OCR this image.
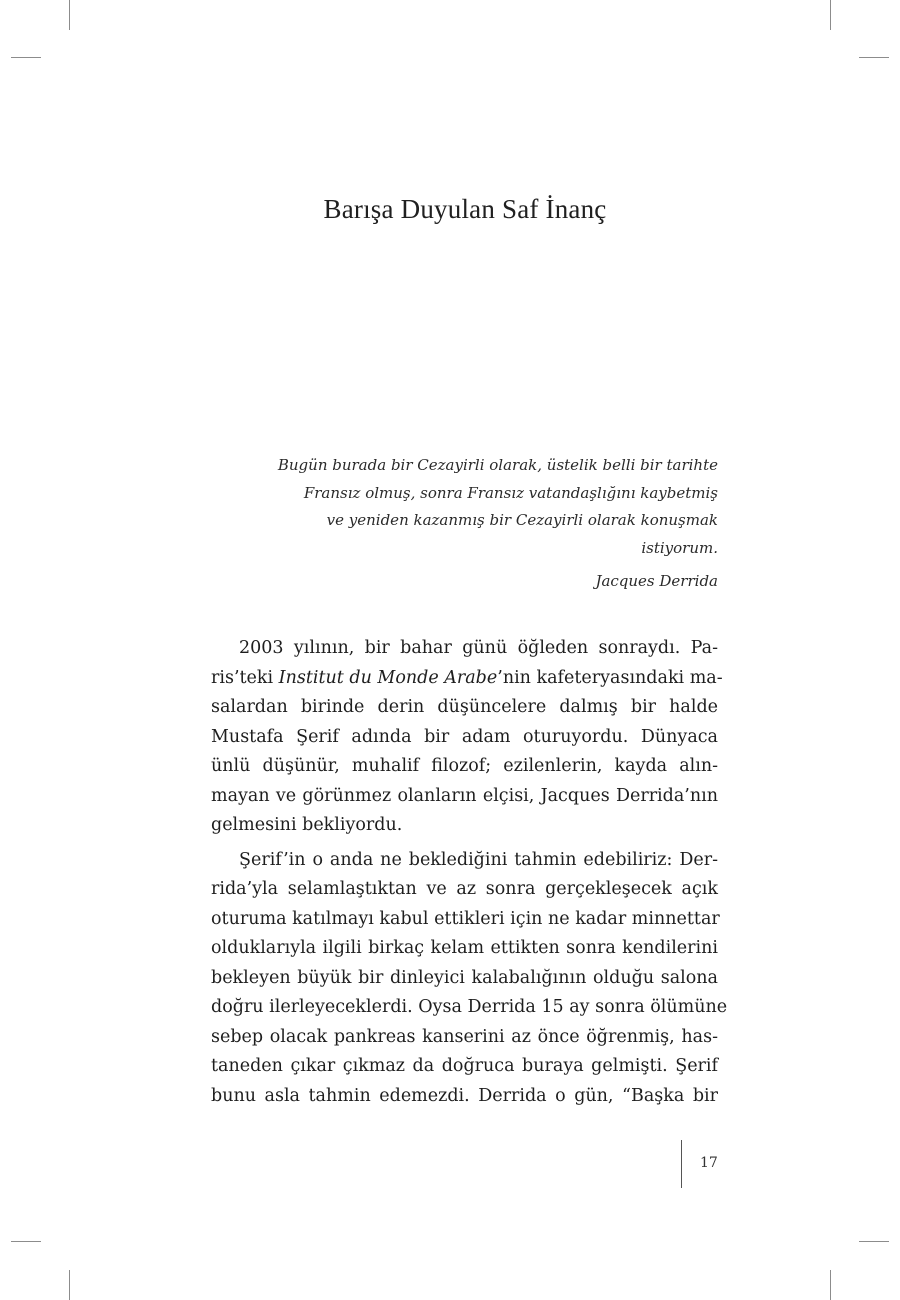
Barışa Duyulan Saf İnanç
Bugün burada bir Cezayirli olarak, üstelik belli bir tarihte
Fransız olmuş, sonra Fransız vatandaşlığını kaybetmiş
ve yeniden kazanmış bir Cezayirli olarak konuşmak
istiyorum.
Jacques Derrida
2003 yılının, bir bahar günü öğleden sonraydı. Pa-
ris’teki Institut du Monde Arabe’nin kafeteryasındaki ma-
salardan birinde derin düşüncelere dalmış bir halde
Mustafa Şerif adında bir adam oturuyordu. Dünyaca
ünlü düşünür, muhalif filozof; ezilenlerin, kayda alın-
mayan ve görünmez olanların elçisi, Jacques Derrida’nın
gelmesini bekliyordu.
Şerif’in o anda ne beklediğini tahmin edebiliriz: Der-
rida’yla selamlaştıktan ve az sonra gerçekleşecek açık
oturuma katılmayı kabul ettikleri için ne kadar minnettar
olduklarıyla ilgili birkaç kelam ettikten sonra kendilerini
bekleyen büyük bir dinleyici kalabalığının olduğu salona
doğru ilerleyeceklerdi. Oysa Derrida 15 ay sonra ölümüne
sebep olacak pankreas kanserini az önce öğrenmiş, has-
taneden çıkar çıkmaz da doğruca buraya gelmişti. Şerif
bunu asla tahmin edemezdi. Derrida o gün, “Başka bir
17
